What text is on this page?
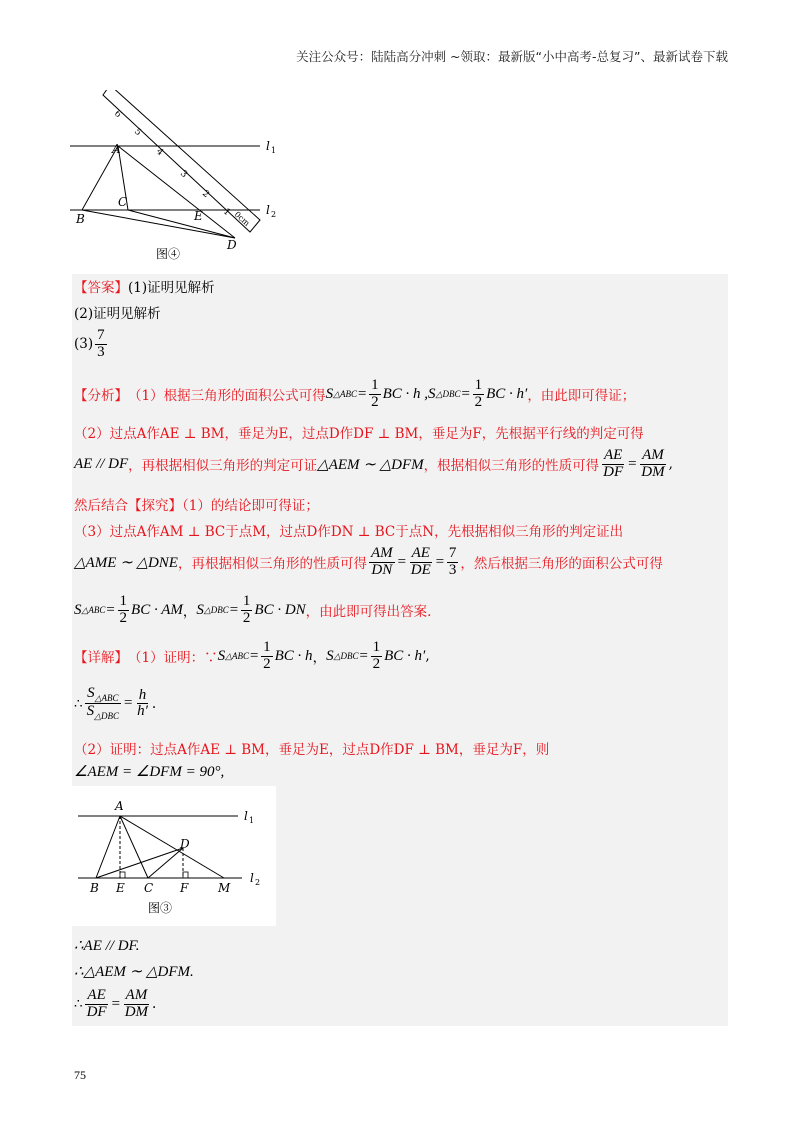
关注公众号：陆陆高分冲刺 ~领取：最新版“小中高考-总复习”、最新试卷下载
A
B
C
E
D
l 1
l 2
6
5
4
3
2
1 0cm
图④
【答案】 (1)证明见解析
(2)证明见解析
$(3) \frac{7}{3}$
【分析】 （1）根据三角形的面积公式可得 S △ABC = $\frac{1}{2}$ BC · h ,S △DBC = $\frac{1}{2}$ BC · h′ ，由此即可得证；
（2）过点A作AE ⊥ BM，垂足为E，过点D作DF ⊥ BM，垂足为F，先根据平行线的判定可得
AE // DF ，再根据相似三角形的判定可证 △AEM ∼ △DFM ，根据相似三角形的性质可得 $\frac{AE}{DF} = \frac{AM}{DM}$ ,
然后结合【探究】（1）的结论即可得证；
（3）过点A作AM ⊥ BC于点M，过点D作DN ⊥ BC于点N，先根据相似三角形的判定证出
△AME ∼ △DNE ，再根据相似三角形的性质可得 $\frac{AM}{DN} = \frac{AE}{DE} = \frac{7}{3}$ ，然后根据三角形的面积公式可得
S △ABC = $\frac{1}{2}$ BC · AM ， S △DBC = $\frac{1}{2}$ BC · DN ，由此即可得出答案.
【详解】 （1）证明：∵ S △ABC = $\frac{1}{2}$ BC · h ， S △DBC = $\frac{1}{2}$ BC · h′ ,
∴ $\frac{S_{\triangle ABC}}{S_{\triangle DBC}} = \frac{h}{h'}$ .
（2）证明：过点A作AE ⊥ BM，垂足为E，过点D作DF ⊥ BM，垂足为F，则
∠AEM = ∠DFM = 90°,
A
B E C F M
D
l 1
l 2
图③
∴AE // DF.
∴△AEM ∼ △DFM.
∴ $\frac{AE}{DF} = \frac{AM}{DM}$ .
75
